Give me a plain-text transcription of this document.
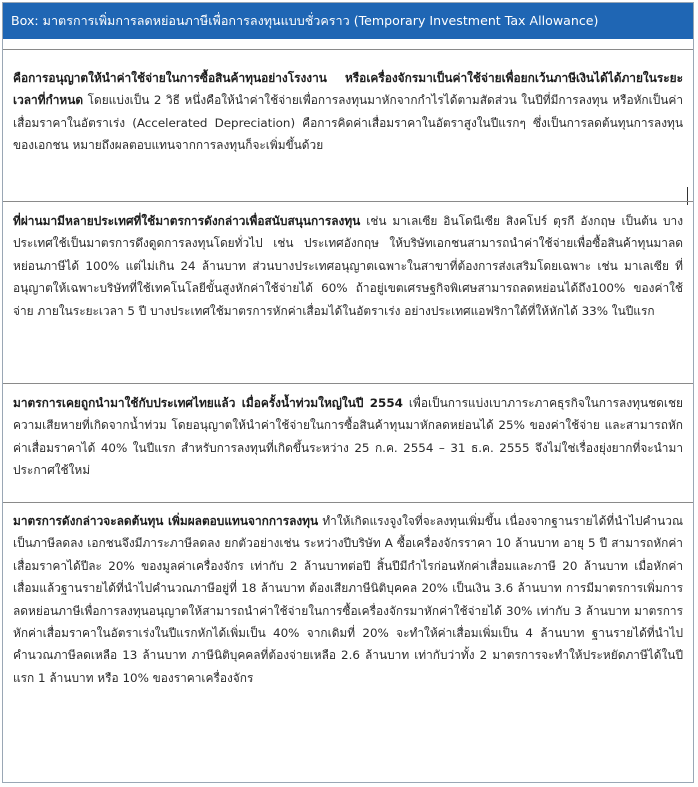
Box: มาตรการเพิ่มการลดหย่อนภาษีเพื่อการลงทุนแบบชั่วคราว (Temporary Investment Tax Allowance)

คือการอนุญาตให้นำค่าใช้จ่ายในการซื้อสินค้าทุนอย่างโรงงาน หรือเครื่องจักรมาเป็นค่าใช้จ่ายเพื่อยกเว้นภาษีเงินได้ได้ภายในระยะเวลาที่กำหนด โดยแบ่งเป็น 2 วิธี หนึ่งคือให้นำค่าใช้จ่ายเพื่อการลงทุนมาหักจากกำไรได้ตามสัดส่วน ในปีที่มีการลงทุน หรือหักเป็นค่าเสื่อมราคาในอัตราเร่ง (Accelerated Depreciation) คือการคิดค่าเสื่อมราคาในอัตราสูงในปีแรกๆ ซึ่งเป็นการลดต้นทุนการลงทุนของเอกชน หมายถึงผลตอบแทนจากการลงทุนก็จะเพิ่มขึ้นด้วย

ที่ผ่านมามีหลายประเทศที่ใช้มาตรการดังกล่าวเพื่อสนับสนุนการลงทุน เช่น มาเลเซีย อินโดนีเซีย สิงคโปร์ ตุรกี อังกฤษ เป็นต้น บางประเทศใช้เป็นมาตรการดึงดูดการลงทุนโดยทั่วไป เช่น ประเทศอังกฤษ ให้บริษัทเอกชนสามารถนำค่าใช้จ่ายเพื่อซื้อสินค้าทุนมาลดหย่อนภาษีได้ 100% แต่ไม่เกิน 24 ล้านบาท ส่วนบางประเทศอนุญาตเฉพาะในสาขาที่ต้องการส่งเสริมโดยเฉพาะ เช่น มาเลเซีย ที่อนุญาตให้เฉพาะบริษัทที่ใช้เทคโนโลยีขั้นสูงหักค่าใช้จ่ายได้ 60% ถ้าอยู่เขตเศรษฐกิจพิเศษสามารถลดหย่อนได้ถึง100% ของค่าใช้จ่าย ภายในระยะเวลา 5 ปี บางประเทศใช้มาตรการหักค่าเสื่อมได้ในอัตราเร่ง อย่างประเทศแอฟริกาใต้ที่ให้หักได้ 33% ในปีแรก

มาตรการเคยถูกนำมาใช้กับประเทศไทยแล้ว เมื่อครั้งน้ำท่วมใหญ่ในปี 2554 เพื่อเป็นการแบ่งเบาภาระภาคธุรกิจในการลงทุนชดเชยความเสียหายที่เกิดจากน้ำท่วม โดยอนุญาตให้นำค่าใช้จ่ายในการซื้อสินค้าทุนมาหักลดหย่อนได้ 25% ของค่าใช้จ่าย และสามารถหักค่าเสื่อมราคาได้ 40% ในปีแรก สำหรับการลงทุนที่เกิดขึ้นระหว่าง 25 ก.ค. 2554 – 31 ธ.ค. 2555 จึงไม่ใช่เรื่องยุ่งยากที่จะนำมาประกาศใช้ใหม่

มาตรการดังกล่าวจะลดต้นทุน เพิ่มผลตอบแทนจากการลงทุน ทำให้เกิดแรงจูงใจที่จะลงทุนเพิ่มขึ้น เนื่องจากฐานรายได้ที่นำไปคำนวณเป็นภาษีลดลง เอกชนจึงมีภาระภาษีลดลง ยกตัวอย่างเช่น ระหว่างปีบริษัท A ซื้อเครื่องจักรราคา 10 ล้านบาท อายุ 5 ปี สามารถหักค่าเสื่อมราคาได้ปีละ 20% ของมูลค่าเครื่องจักร เท่ากับ 2 ล้านบาทต่อปี สิ้นปีมีกำไรก่อนหักค่าเสื่อมและภาษี 20 ล้านบาท เมื่อหักค่าเสื่อมแล้วฐานรายได้ที่นำไปคำนวณภาษีอยู่ที่ 18 ล้านบาท ต้องเสียภาษีนิติบุคคล 20% เป็นเงิน 3.6 ล้านบาท การมีมาตรการเพิ่มการลดหย่อนภาษีเพื่อการลงทุนอนุญาตให้สามารถนำค่าใช้จ่ายในการซื้อเครื่องจักรมาหักค่าใช้จ่ายได้ 30% เท่ากับ 3 ล้านบาท มาตรการหักค่าเสื่อมราคาในอัตราเร่งในปีแรกหักได้เพิ่มเป็น 40% จากเดิมที่ 20% จะทำให้ค่าเสื่อมเพิ่มเป็น 4 ล้านบาท ฐานรายได้ที่นำไปคำนวณภาษีลดเหลือ 13 ล้านบาท ภาษีนิติบุคคลที่ต้องจ่ายเหลือ 2.6 ล้านบาท เท่ากับว่าทั้ง 2 มาตรการจะทำให้ประหยัดภาษีได้ในปีแรก 1 ล้านบาท หรือ 10% ของราคาเครื่องจักร
